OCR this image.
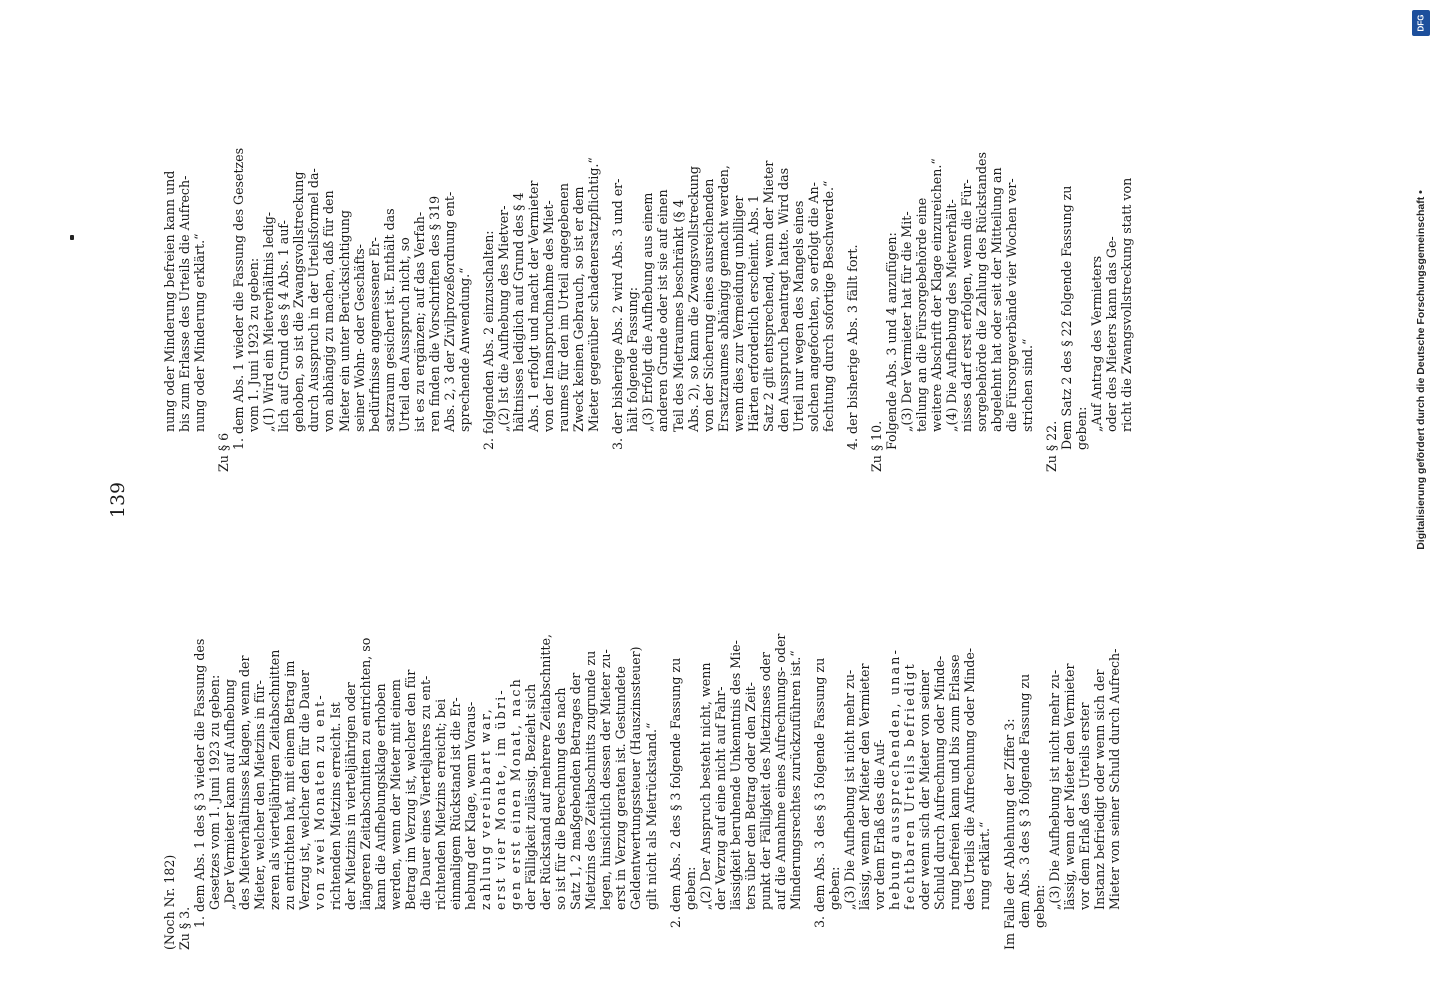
139
(Noch Nr. 182) Zu § 3.
1. dem Abs. 1 des § 3 wieder die Fassung des Gesetzes vom 1. Juni 1923 zu geben: „Der Vermieter kann auf Aufhebung des Mietverhältnisses klagen, wenn der Mieter, welcher den Mietzins in für- zeren als vierteljährigen Zeitabschnitten zu entrichten hat, mit einem Betrag im Verzug ist, welcher den für die Dauer von zwei Monaten zu ent- richtenden Mietzins erreicht. Ist der Mietzins in vierteljährigen oder längeren Zeitabschnitten zu entrichten, so kann die Aufhebungsklage erhoben werden, wenn der Mieter mit einem Betrag im Verzug ist, welcher den für die Dauer eines Vierteljahres zu ent- richtenden Mietzins erreicht; bei einmaligem Rückstand ist die Er- hebung der Klage, wenn Voraus- zahlung vereinbart war, erst vier Monate, im übri- gen erst einen Monat, nach der Fälligkeit zulässig. Bezieht sich der Rückstand auf mehrere Zeitabschnitte, so ist für die Berechnung des nach Satz 1, 2 maßgebenden Betrages der Mietzins des Zeitabschnitts zugrunde zu legen, hinsichtlich dessen der Mieter zu- erst in Verzug geraten ist. Gestundete Geldentwertungssteuer (Hauszinssteuer) gilt nicht als Mietrückstand.“ 2. dem Abs. 2 des § 3 folgende Fassung zu geben: „(2) Der Anspruch besteht nicht, wenn der Verzug auf eine nicht auf Fahr- lässigkeit beruhende Unkenntnis des Mie- ters über den Betrag oder den Zeit- punkt der Fälligkeit des Mietzinses oder auf die Annahme eines Aufrechnungs- oder Minderungsrechtes zurückzuführen ist.“ 3. dem Abs. 3 des § 3 folgende Fassung zu geben: „(3) Die Aufhebung ist nicht mehr zu- lässig, wenn der Mieter den Vermieter vor dem Erlaß des die Auf- hebung aussprechenden, unan- fechtbaren Urteils befriedigt oder wenn sich der Mieter von seiner Schuld durch Aufrechnung oder Minde- rung befreien kann und bis zum Erlasse des Urteils die Aufrechnung oder Minde- rung erklärt.“ Im Falle der Ablehnung der Ziffer 3: dem Abs. 3 des § 3 folgende Fassung zu geben: „(3) Die Aufhebung ist nicht mehr zu- lässig, wenn der Mieter den Vermieter vor dem Erlaß des Urteils erster Instanz befriedigt oder wenn sich der Mieter von seiner Schuld durch Aufrech-
nung oder Minderung befreien kann und bis zum Erlasse des Urteils die Aufrech- nung oder Minderung erklärt.“
Zu § 6
1. dem Abs. 1 wieder die Fassung des Gesetzes vom 1. Juni 1923 zu geben: „(1) Wird ein Mietverhältnis ledig- lich auf Grund des § 4 Abs. 1 auf- gehoben, so ist die Zwangsvollstreckung durch Ausspruch in der Urteilsformel da- von abhängig zu machen, daß für den Mieter ein unter Berücksichtigung seiner Wohn- oder Geschäfts- bedürfnisse angemessener Er- satzraum gesichert ist. Enthält das Urteil den Ausspruch nicht, so ist es zu ergänzen; auf das Verfah- ren finden die Vorschriften des § 319 Abs. 2, 3 der Zivilprozeßordnung ent- sprechende Anwendung.“ 2. folgenden Abs. 2 einzuschalten: „(2) Ist die Aufhebung des Mietver- hältnisses lediglich auf Grund des § 4 Abs. 1 erfolgt und macht der Vermieter von der Inanspruchnahme des Miet- raumes für den im Urteil angegebenen Zweck keinen Gebrauch, so ist er dem Mieter gegenüber schadenersatzpflichtig.“ 3. der bisherige Abs. 2 wird Abs. 3 und er- hält folgende Fassung: „(3) Erfolgt die Aufhebung aus einem anderen Grunde oder ist sie auf einen Teil des Mietraumes beschränkt (§ 4 Abs. 2), so kann die Zwangsvollstreckung von der Sicherung eines ausreichenden Ersatzraumes abhängig gemacht werden, wenn dies zur Vermeidung unbilliger Härten erforderlich erscheint. Abs. 1 Satz 2 gilt entsprechend, wenn der Mieter den Ausspruch beantragt hatte. Wird das Urteil nur wegen des Mangels eines solchen angefochten, so erfolgt die An- fechtung durch sofortige Beschwerde.“ 4. der bisherige Abs. 3 fällt fort. Zu § 10. Folgende Abs. 3 und 4 anzufügen: „(3) Der Vermieter hat für die Mit- teilung an die Fürsorgebehörde eine weitere Abschrift der Klage einzureichen.“ „(4) Die Aufhebung des Mietverhält- nisses darf erst erfolgen, wenn die Für- sorgebehörde die Zahlung des Rückstandes abgelehnt hat oder seit der Mitteilung an die Fürsorgeverbände vier Wochen ver- strichen sind.“
Zu § 22. Dem Satz 2 des § 22 folgende Fassung zu geben: „Auf Antrag des Vermieters oder des Mieters kann das Ge- richt die Zwangsvollstreckung statt von
DFG
Digitalisierung gefördert durch die Deutsche Forschungsgemeinschaft •
